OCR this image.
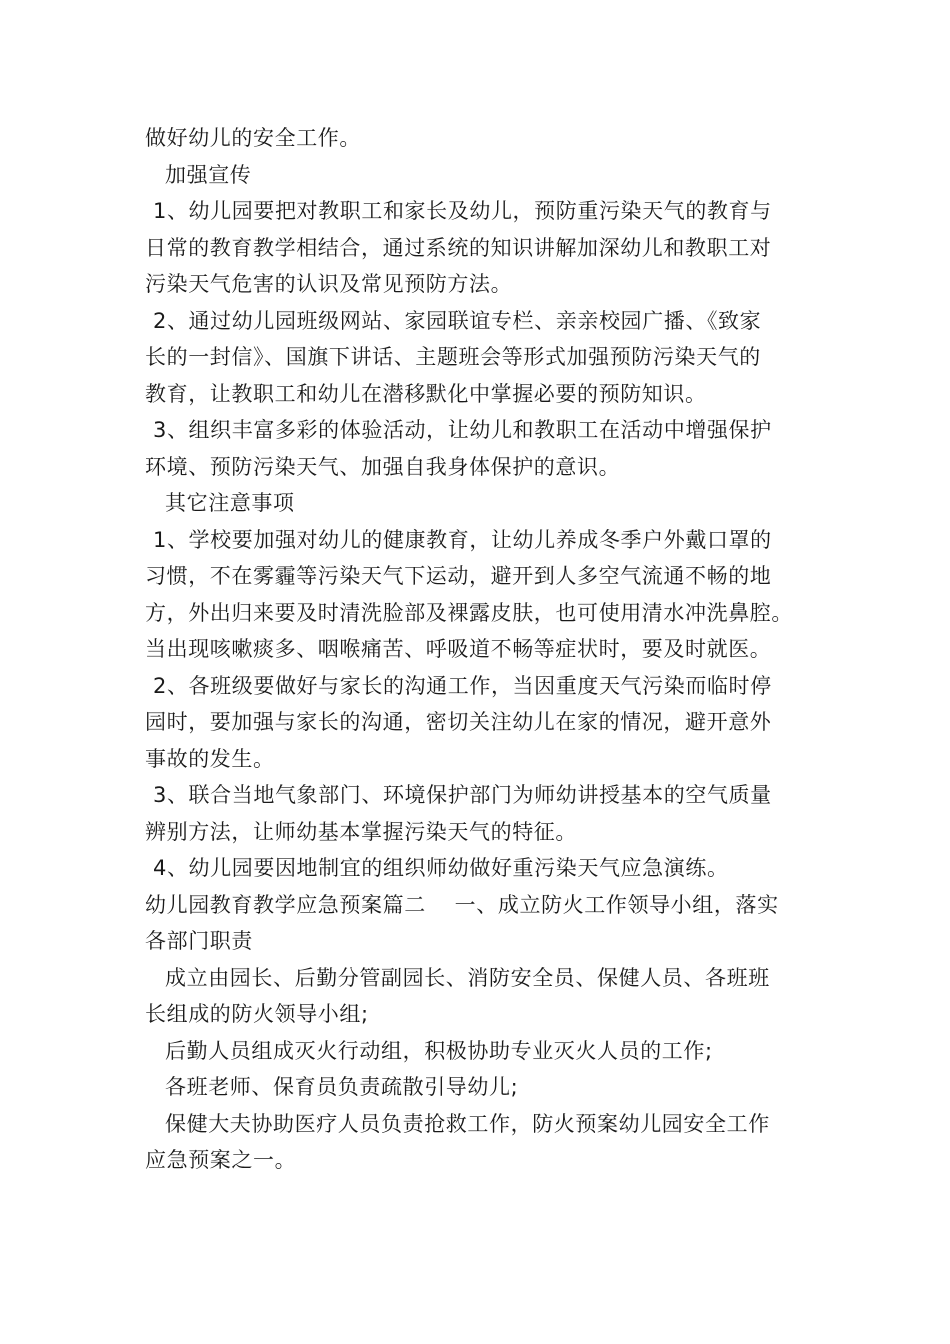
做好幼儿的安全工作。
加强宣传
1、幼儿园要把对教职工和家长及幼儿，预防重污染天气的教育与
日常的教育教学相结合，通过系统的知识讲解加深幼儿和教职工对
污染天气危害的认识及常见预防方法。
2、通过幼儿园班级网站、家园联谊专栏、亲亲校园广播、《致家
长的一封信》、国旗下讲话、主题班会等形式加强预防污染天气的
教育，让教职工和幼儿在潜移默化中掌握必要的预防知识。
3、组织丰富多彩的体验活动，让幼儿和教职工在活动中增强保护
环境、预防污染天气、加强自我身体保护的意识。
其它注意事项
1、学校要加强对幼儿的健康教育，让幼儿养成冬季户外戴口罩的
习惯，不在雾霾等污染天气下运动，避开到人多空气流通不畅的地
方，外出归来要及时清洗脸部及裸露皮肤，也可使用清水冲洗鼻腔。
当出现咳嗽痰多、咽喉痛苦、呼吸道不畅等症状时，要及时就医。
2、各班级要做好与家长的沟通工作，当因重度天气污染而临时停
园时，要加强与家长的沟通，密切关注幼儿在家的情况，避开意外
事故的发生。
3、联合当地气象部门、环境保护部门为师幼讲授基本的空气质量
辨别方法，让师幼基本掌握污染天气的特征。
4、幼儿园要因地制宜的组织师幼做好重污染天气应急演练。
幼儿园教育教学应急预案篇二　 一、成立防火工作领导小组，落实
各部门职责
成立由园长、后勤分管副园长、消防安全员、保健人员、各班班
长组成的防火领导小组;
后勤人员组成灭火行动组，积极协助专业灭火人员的工作;
各班老师、保育员负责疏散引导幼儿;
保健大夫协助医疗人员负责抢救工作，防火预案幼儿园安全工作
应急预案之一。
